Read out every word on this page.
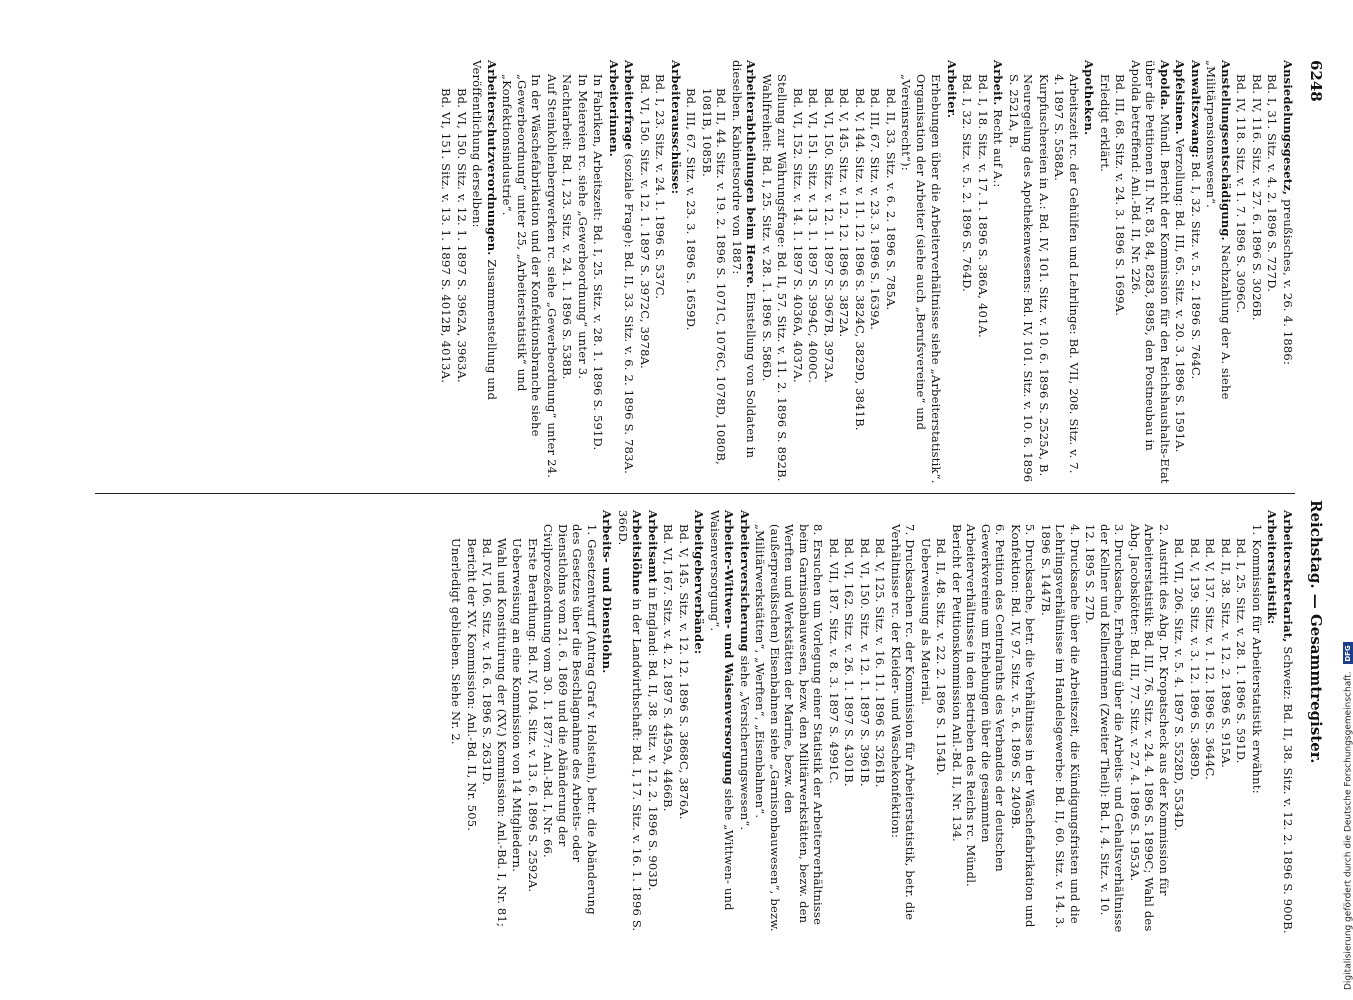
6248
Reichstag. — Gesammtregister.

Ansiedelungsgesetz, preußisches, v. 26. 4. 1886:

Bd. I, 31. Sitz. v. 4. 2. 1896 S. 727D.

Bd. IV, 116. Sitz. v. 27. 6. 1896 S. 3026B.

Bd. IV, 118. Sitz. v. 1. 7. 1896 S. 3096C.

Anstellungsentschädigung. Nachzahlung der A. siehe „Militärpensionswesen“.

Anwaltszwang: Bd. I, 32. Sitz. v. 5. 2. 1896 S. 764C.

Apfelsinen. Verzollung: Bd. III, 65. Sitz. v. 20. 3. 1896 S. 1591A.

Apolda. Mündl. Bericht der Kommission für den Reichshaushalts-Etat über die Petitionen II. Nr. 83, 84, 8283, 8985, den Postneubau in Apolda betreffend: Anl.-Bd. II, Nr. 226.

Bd. III, 68. Sitz. v. 24. 3. 1896 S. 1699A.

Erledigt erklärt.

Apotheken.

Arbeitszeit rc. der Gehülfen und Lehrlinge: Bd. VII, 208. Sitz. v. 7. 4. 1897 S. 5588A.

Kurpfuschereien in A.: Bd. IV, 101. Sitz. v. 10. 6. 1896 S. 2525A, B.

Neuregelung des Apothekenwesens: Bd. IV, 101. Sitz. v. 10. 6. 1896 S. 2521A, B.

Arbeit. Recht auf A.:

Bd. I, 18. Sitz. v. 17. 1. 1896 S. 386A, 401A.

Bd. I, 32. Sitz. v. 5. 2. 1896 S. 764D.

Arbeiter.

Erhebungen über die Arbeiterverhältnisse siehe „Arbeiterstatistik“.

Organisation der Arbeiter (siehe auch „Berufsvereine“ und „Vereinsrecht“):

Bd. II, 33. Sitz. v. 6. 2. 1896 S. 785A.

Bd. III, 67. Sitz. v. 23. 3. 1896 S. 1639A.

Bd. V, 144. Sitz. v. 11. 12. 1896 S. 3824C, 3829D, 3841B.

Bd. V, 145. Sitz. v. 12. 12. 1896 S. 3872A.

Bd. VI, 150. Sitz. v. 12. 1. 1897 S. 3967B, 3973A.

Bd. VI, 151. Sitz. v. 13. 1. 1897 S. 3994C, 4000C.

Bd. VI, 152. Sitz. v. 14. 1. 1897 S. 4036A, 4037A.

Stellung zur Währungsfrage: Bd. II, 57. Sitz. v. 11. 2. 1896 S. 892B.

Wahlfreiheit: Bd. I, 25. Sitz. v. 28. 1. 1896 S. 586D.

Arbeiterabtheilungen beim Heere. Einstellung von Soldaten in dieselben. Kabinetsordre von 1887:

Bd. II, 44. Sitz. v. 19. 2. 1896 S. 1071C, 1076C, 1078D, 1080B, 1081B, 1085B.

Bd. III, 67. Sitz. v. 23. 3. 1896 S. 1659D.

Arbeiterausschüsse:

Bd. I, 23. Sitz. v. 24. 1. 1896 S. 537C.

Bd. VI, 150. Sitz. v. 12. 1. 1897 S. 3972C, 3978A.

Arbeiterfrage (soziale Frage): Bd. II, 33. Sitz. v. 6. 2. 1896 S. 783A.

Arbeiterinnen.

In Fabriken, Arbeitszeit: Bd. I, 25. Sitz. v. 28. 1. 1896 S. 591D.

In Meiereien rc. siehe „Gewerbeordnung“ unter 3.

Nachtarbeit: Bd. I, 23. Sitz. v. 24. 1. 1896 S. 538B.

Auf Steinkohlenbergwerken rc. siehe „Gewerbeordnung“ unter 24.

In der Wäschefabrikation und der Konfektionsbranche siehe „Gewerbeordnung“ unter 25, „Arbeiterstatistik“ und „Konfektionsindustrie“.

Arbeiterschutzverordnungen. Zusammenstellung und Veröffentlichung derselben:

Bd. VI, 150. Sitz. v. 12. 1. 1897 S. 3962A, 3963A.

Bd. VI, 151. Sitz. v. 13. 1. 1897 S. 4012B, 4013A.

Arbeitersekretariat, Schweiz: Bd. II, 38. Sitz. v. 12. 2. 1896 S. 900B.

Arbeiterstatistik:

1. Kommission für Arbeiterstatistik erwähnt:

Bd. I, 25. Sitz. v. 28. 1. 1896 S. 591D.

Bd. II, 38. Sitz. v. 12. 2. 1896 S. 915A.

Bd. V, 137. Sitz. v. 1. 12. 1896 S. 3644C.

Bd. V, 139. Sitz. v. 3. 12. 1896 S. 3689D.

Bd. VII, 206. Sitz. v. 5. 4. 1897 S. 5528D, 5534D.

2. Austritt des Abg. Dr. Kropatscheck aus der Kommission für Arbeiterstatistik: Bd. III, 76. Sitz. v. 24. 4. 1896 S. 1899C; Wahl des Abg. Jacobskötter: Bd. III, 77. Sitz. v. 27. 4. 1896 S. 1953A.

3. Drucksache, Erhebung über die Arbeits- und Gehaltsverhältnisse der Kellner und Kellnerinnen (Zweiter Theil): Bd. I, 4. Sitz. v. 10. 12. 1895 S. 27D.

4. Drucksache über die Arbeitszeit, die Kündigungsfristen und die Lehrlingsverhältnisse im Handelsgewerbe: Bd. II, 60. Sitz. v. 14. 3. 1896 S. 1447B.

5. Drucksache, betr. die Verhältnisse in der Wäschefabrikation und Konfektion: Bd. IV, 97. Sitz. v. 5. 6. 1896 S. 2409B.

6. Petition des Centralraths des Verbandes der deutschen Gewerkvereine um Erhebungen über die gesammten Arbeiterverhältnisse in den Betrieben des Reichs rc. Mündl. Bericht der Petitionskommission Anl.-Bd. II, Nr. 134.

Bd. II, 48. Sitz. v. 22. 2. 1896 S. 1154D.

Ueberweisung als Material.

7. Drucksachen rc. der Kommission für Arbeiterstatistik, betr. die Verhältnisse rc. der Kleider- und Wäschekonfektion:

Bd. V, 125. Sitz. v. 16. 11. 1896 S. 3261B.

Bd. VI, 150. Sitz. v. 12. 1. 1897 S. 3961B.

Bd. VI, 162. Sitz. v. 26. 1. 1897 S. 4301B.

Bd. VII, 187. Sitz. v. 8. 3. 1897 S. 4991C.

8. Ersuchen um Vorlegung einer Statistik der Arbeiterverhältnisse beim Garnisonbauwesen, bezw. den Militärwerkstätten, bezw. den Werften und Werkstätten der Marine, bezw. den (außerpreußischen) Eisenbahnen siehe „Garnisonbauwesen“, bezw. „Militärwerkstätten“, „Werften“, „Eisenbahnen“.

Arbeiterversicherung siehe „Versicherungswesen“.

Arbeiter-Wittwen- und Waisenversorgung siehe „Wittwen- und Waisenversorgung“.

Arbeitgeberverbände:

Bd. V, 145. Sitz. v. 12. 12. 1896 S. 3868C, 3876A.

Bd. VI, 167. Sitz. v. 4. 2. 1897 S. 4459A, 4466B.

Arbeitsamt in England: Bd. II, 38. Sitz. v. 12. 2. 1896 S. 903D.

Arbeitslöhne in der Landwirthschaft: Bd. I, 17. Sitz. v. 16. 1. 1896 S. 366D.

Arbeits- und Dienstlohn.

1. Gesetzentwurf (Antrag Graf v. Holstein), betr. die Abänderung des Gesetzes über die Beschlagnahme des Arbeits- oder Dienstlohns vom 21. 6. 1869 und die Abänderung der Civilprozeßordnung vom 30. 1. 1877: Anl.-Bd. I, Nr. 66.

Erste Berathung: Bd. IV, 104. Sitz. v. 13. 6. 1896 S. 2592A.

Ueberweisung an eine Kommission von 14 Mitgliedern.

Wahl und Konstituirung der (XV.) Kommission: Anl.-Bd. I, Nr. 81; Bd. IV, 106. Sitz. v. 16. 6. 1896 S. 2631D.

Bericht der XV. Kommission: Anl.-Bd. II, Nr. 505.

Unerledigt geblieben. Siehe Nr. 2.

Digitalisierung gefördert durch die Deutsche Forschungsgemeinschaft. DFG
